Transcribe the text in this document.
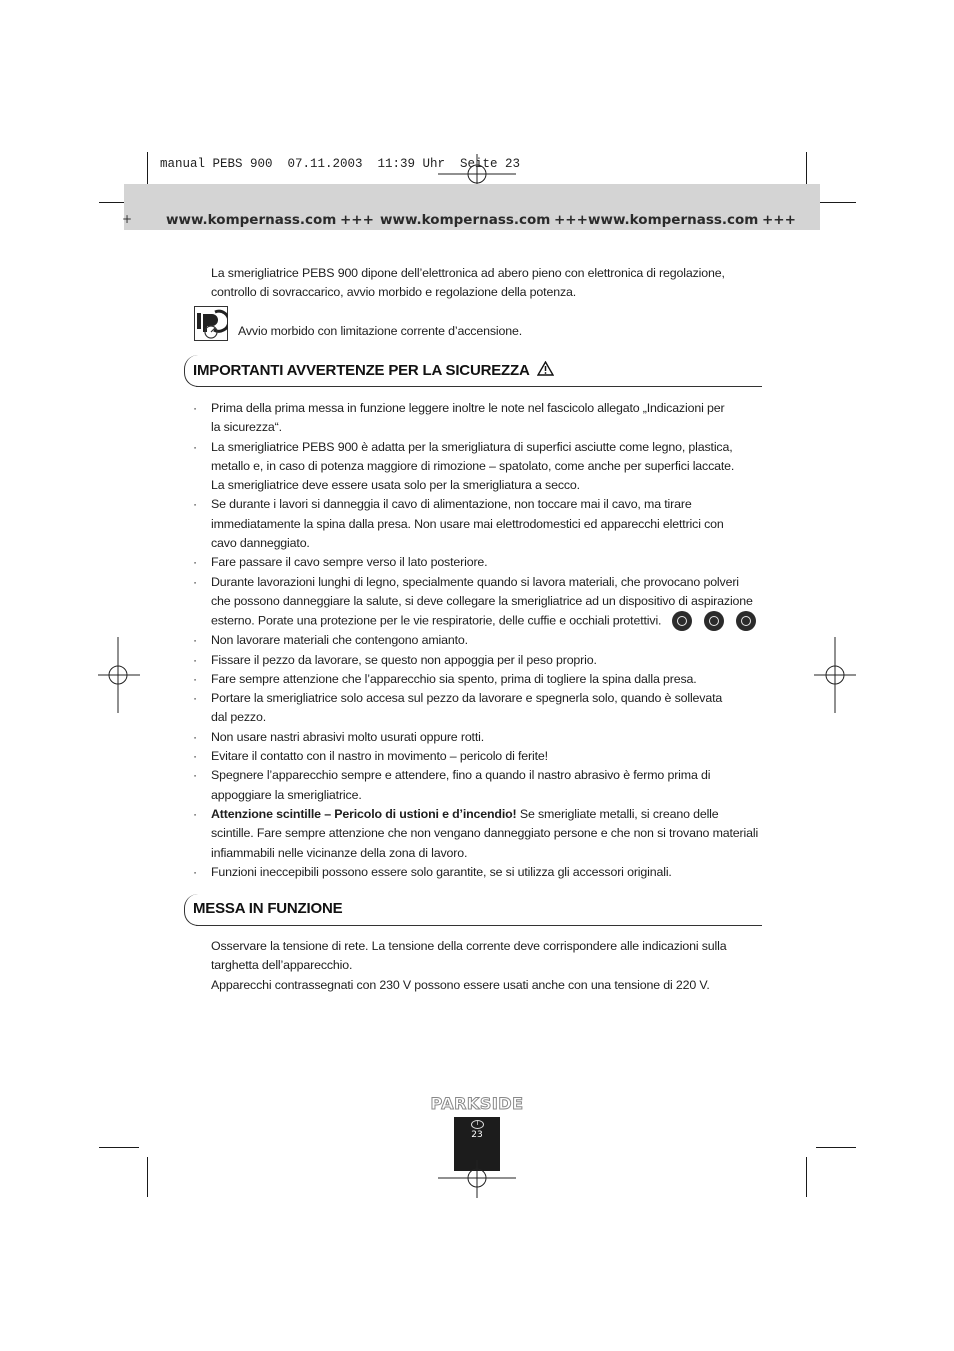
manual PEBS 900  07.11.2003  11:39 Uhr  Seite 23
+

	www.kompernass.com

+++

www.kompernass.com

+++

www.kompernass.com

+++

La smerigliatrice PEBS 900 dipone dell’elettronica ad abero pieno con elettronica di regolazione,

controllo di sovraccarico, avvio morbido e regolazione della potenza.

Avvio morbido con limitazione corrente d’accensione.
IMPORTANTI AVVERTENZE PER LA SICUREZZA
· Prima della prima messa in funzione leggere inoltre le note nel fascicolo allegato „Indicazioni per
la sicurezza“.
· La smerigliatrice PEBS 900 è adatta per la smerigliatura di superfici asciutte come legno, plastica,
metallo e, in caso di potenza maggiore di rimozione – spatolato, come anche per superfici laccate.
La smerigliatrice deve essere usata solo per la smerigliatura a secco.
· Se durante i lavori si danneggia il cavo di alimentazione, non toccare mai il cavo, ma tirare
immediatamente la spina dalla presa. Non usare mai elettrodomestici ed apparecchi elettrici con
cavo danneggiato.
· Fare passare il cavo sempre verso il lato posteriore.
· Durante lavorazioni lunghi di legno, specialmente quando si lavora materiali, che provocano polveri
che possono danneggiare la salute, si deve collegare la smerigliatrice ad un dispositivo di aspirazione
esterno. Porate una protezione per le vie respiratorie, delle cuffie e occhiali protettivi.
· Non lavorare materiali che contengono amianto.
· Fissare il pezzo da lavorare, se questo non appoggia per il peso proprio.
· Fare sempre attenzione che l’apparecchio sia spento, prima di togliere la spina dalla presa.
· Portare la smerigliatrice solo accesa sul pezzo da lavorare e spegnerla solo, quando è sollevata
dal pezzo.
· Non usare nastri abrasivi molto usurati oppure rotti.
· Evitare il contatto con il nastro in movimento – pericolo di ferite!
· Spegnere l’apparecchio sempre e attendere, fino a quando il nastro abrasivo è fermo prima di
appoggiare la smerigliatrice.
· Attenzione scintille – Pericolo di ustioni e d’incendio! Se smerigliate metalli, si creano delle
scintille. Fare sempre attenzione che non vengano danneggiato persone e che non si trovano materiali
infiammabili nelle vicinanze della zona di lavoro.
· Funzioni ineccepibili possono essere solo garantite, se si utilizza gli accessori originali.
MESSA IN FUNZIONE

Osservare la tensione di rete. La tensione della corrente deve corrispondere alle indicazioni sulla

targhetta dell’apparecchio.

Apparecchi contrassegnati con 230 V possono essere usati anche con una tensione di 220 V.

PARKSIDE
I
23
